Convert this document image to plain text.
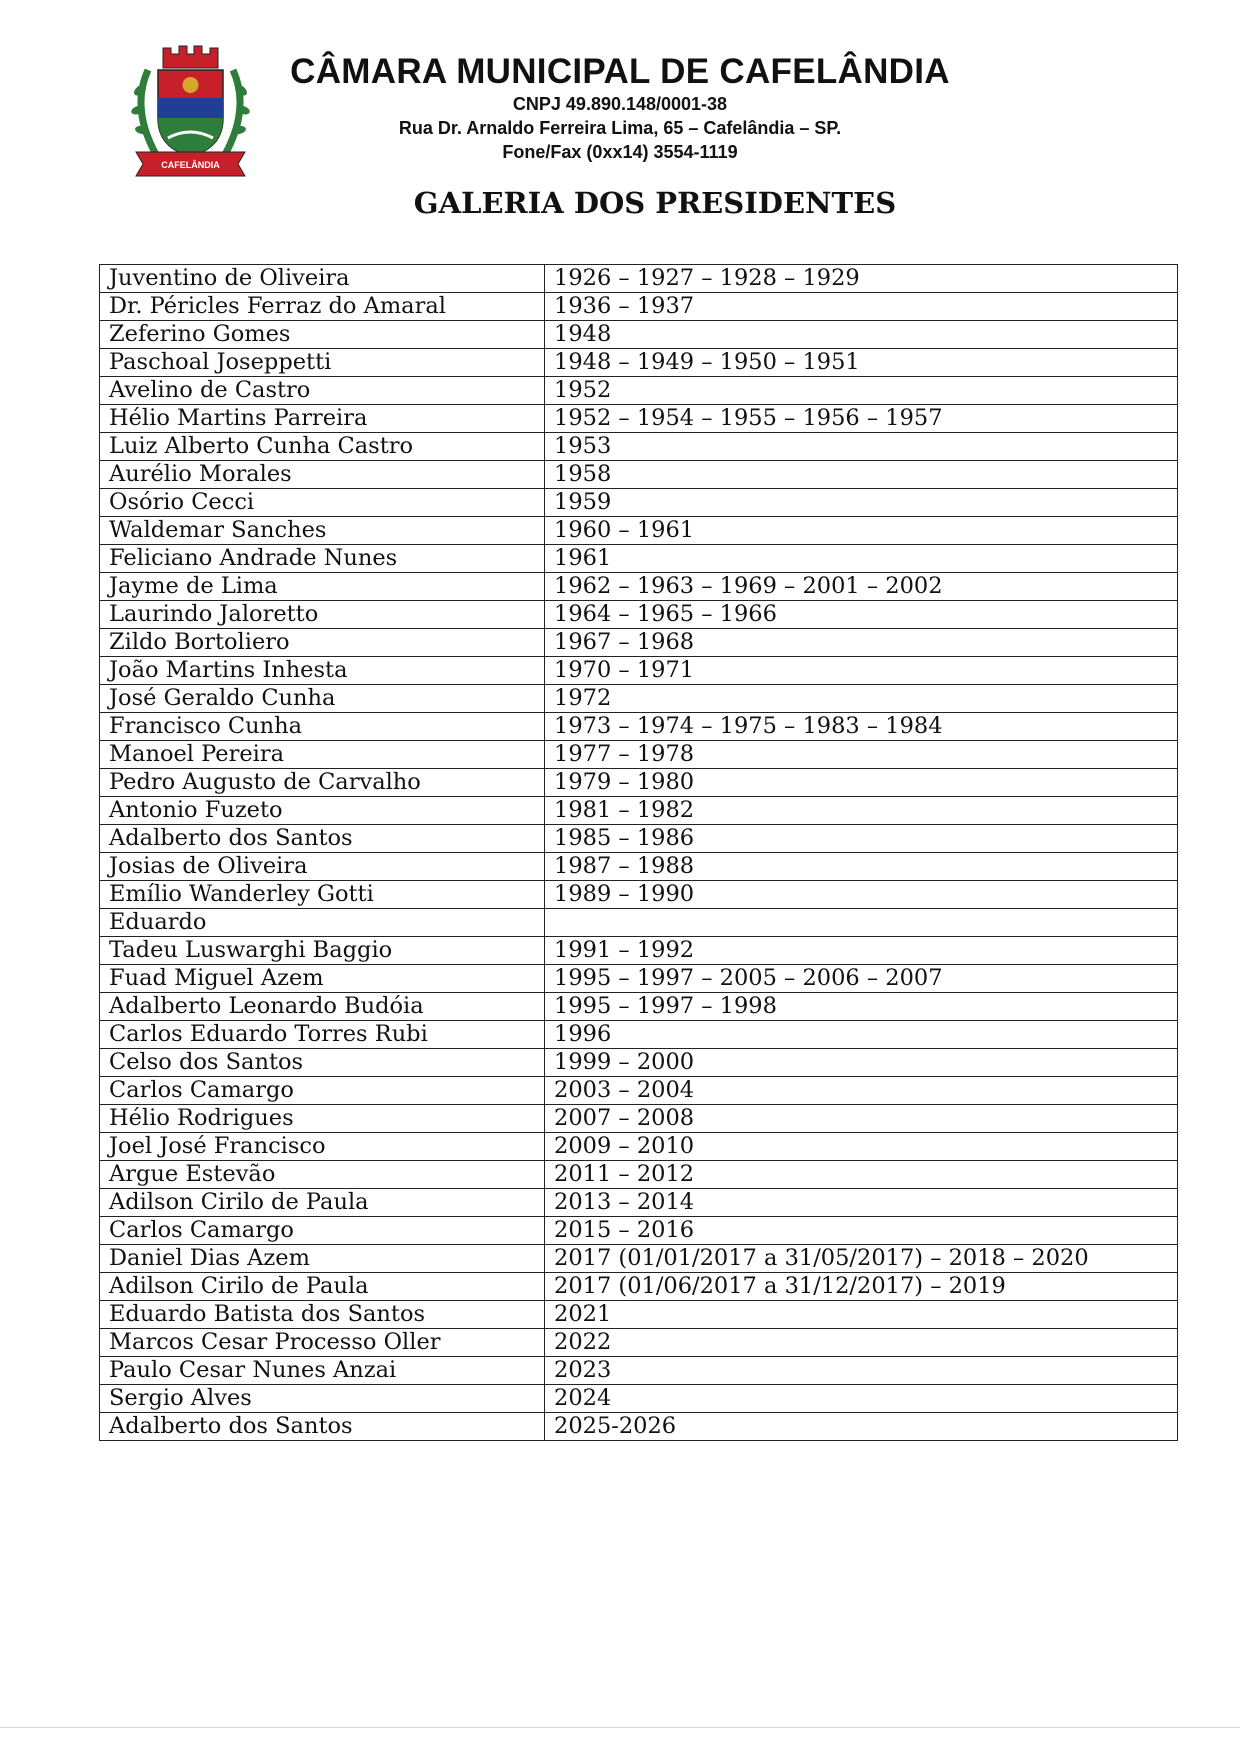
CAFELÂNDIA
CÂMARA MUNICIPAL DE CAFELÂNDIA
CNPJ 49.890.148/0001-38
Rua Dr. Arnaldo Ferreira Lima, 65 – Cafelândia – SP.
Fone/Fax (0xx14) 3554-1119
GALERIA DOS PRESIDENTES
Juventino de Oliveira	1926 – 1927 – 1928 – 1929
Dr. Péricles Ferraz do Amaral	1936 – 1937
Zeferino Gomes	1948
Paschoal Joseppetti	1948 – 1949 – 1950 – 1951
Avelino de Castro	1952
Hélio Martins Parreira	1952 – 1954 – 1955 – 1956 – 1957
Luiz Alberto Cunha Castro	1953
Aurélio Morales	1958
Osório Cecci	1959
Waldemar Sanches	1960 – 1961
Feliciano Andrade Nunes	1961
Jayme de Lima	1962 – 1963 – 1969 – 2001 – 2002
Laurindo Jaloretto	1964 – 1965 – 1966
Zildo Bortoliero	1967 – 1968
João Martins Inhesta	1970 – 1971
José Geraldo Cunha	1972
Francisco Cunha	1973 – 1974 – 1975 – 1983 – 1984
Manoel Pereira	1977 – 1978
Pedro Augusto de Carvalho	1979 – 1980
Antonio Fuzeto	1981 – 1982
Adalberto dos Santos	1985 – 1986
Josias de Oliveira	1987 – 1988
Emílio Wanderley Gotti	1989 – 1990
Eduardo	
Tadeu Luswarghi Baggio	1991 – 1992
Fuad Miguel Azem	1995 – 1997 – 2005 – 2006 – 2007
Adalberto Leonardo Budóia	1995 – 1997 – 1998
Carlos Eduardo Torres Rubi	1996
Celso dos Santos	1999 – 2000
Carlos Camargo	2003 – 2004
Hélio Rodrigues	2007 – 2008
Joel José Francisco	2009 – 2010
Argue Estevão	2011 – 2012
Adilson Cirilo de Paula	2013 – 2014
Carlos Camargo	2015 – 2016
Daniel Dias Azem	2017 (01/01/2017 a 31/05/2017) – 2018 – 2020
Adilson Cirilo de Paula	2017 (01/06/2017 a 31/12/2017) – 2019
Eduardo Batista dos Santos	2021
Marcos Cesar Processo Oller	2022
Paulo Cesar Nunes Anzai	2023
Sergio Alves	2024
Adalberto dos Santos	2025-2026
